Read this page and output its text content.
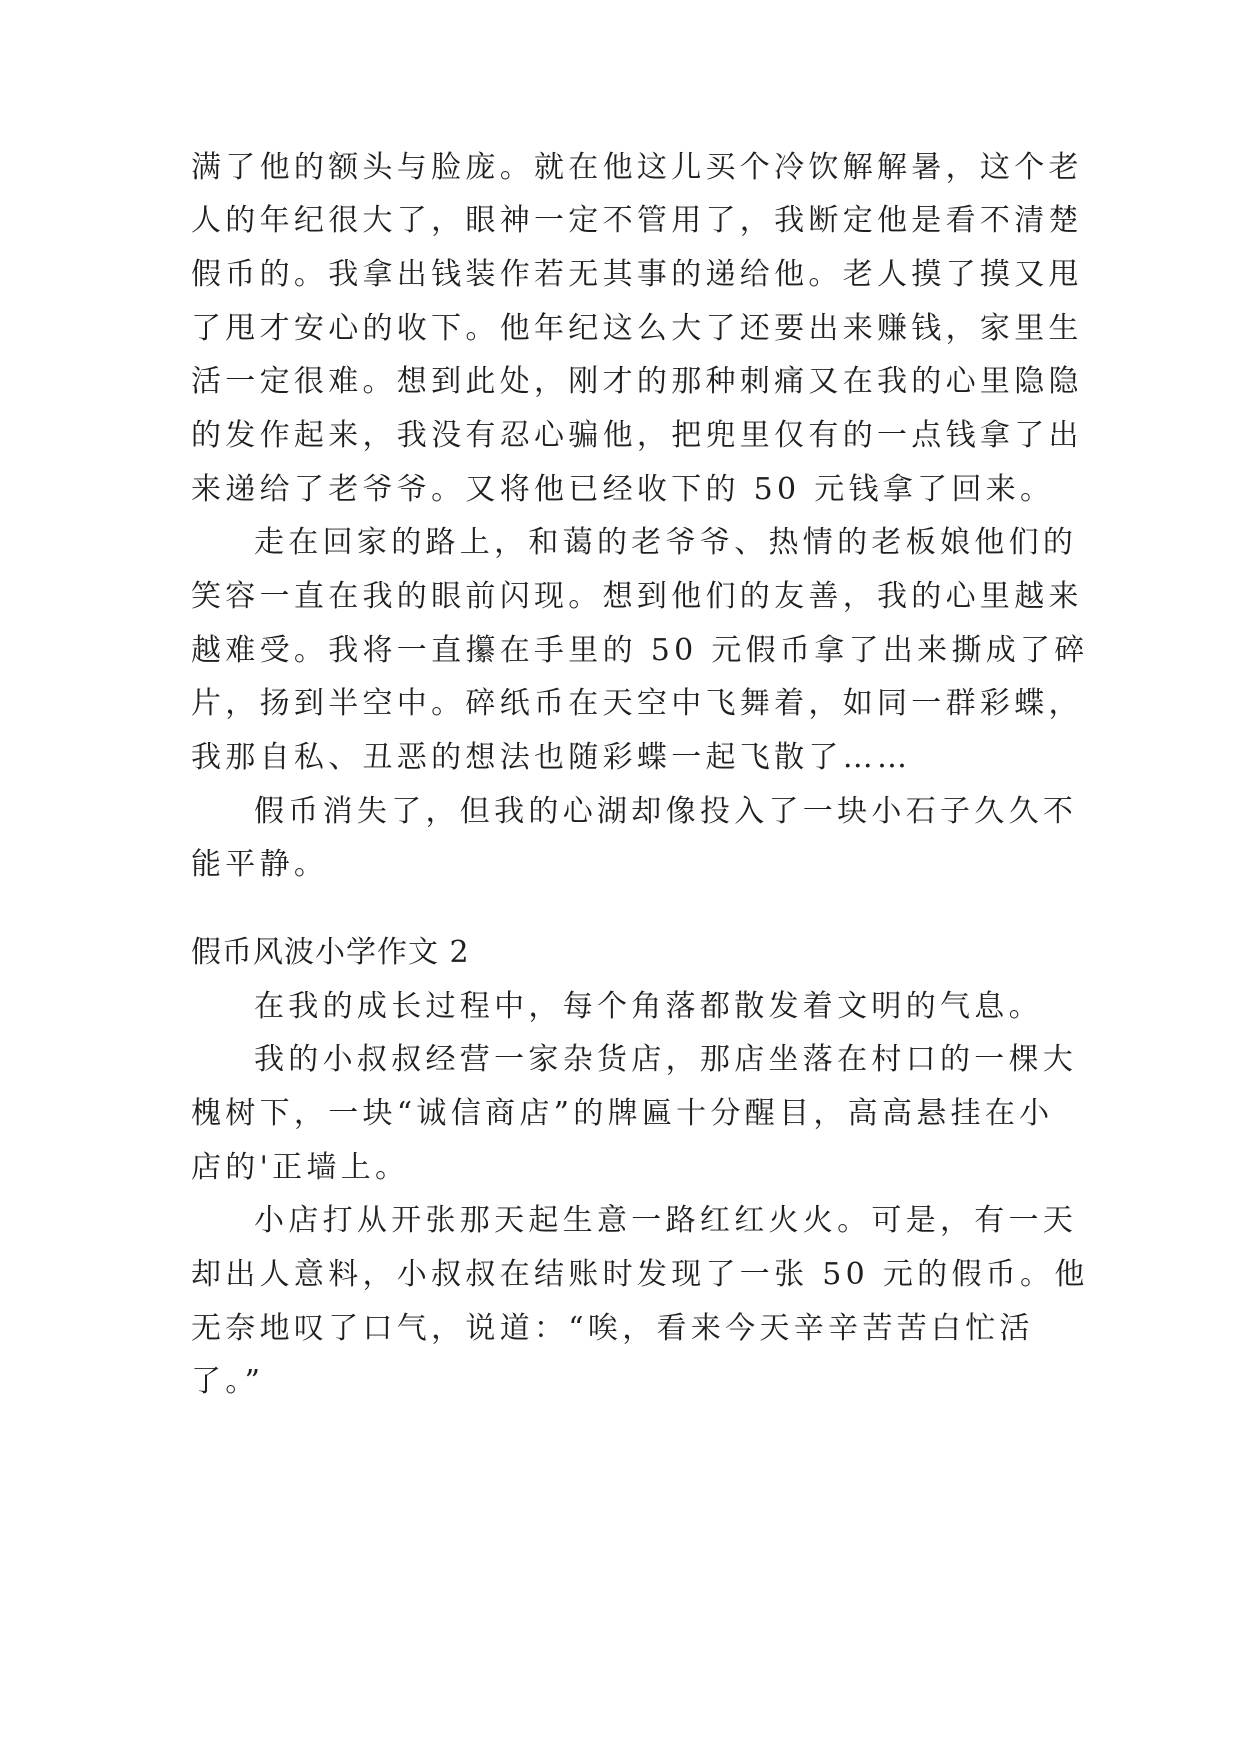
满了他的额头与脸庞。就在他这儿买个冷饮解解暑，这个老
人的年纪很大了，眼神一定不管用了，我断定他是看不清楚
假币的。我拿出钱装作若无其事的递给他。老人摸了摸又甩
了甩才安心的收下。他年纪这么大了还要出来赚钱，家里生
活一定很难。想到此处，刚才的那种刺痛又在我的心里隐隐
的发作起来，我没有忍心骗他，把兜里仅有的一点钱拿了出
来递给了老爷爷。又将他已经收下的 50 元钱拿了回来。
走在回家的路上，和蔼的老爷爷、热情的老板娘他们的
笑容一直在我的眼前闪现。想到他们的友善，我的心里越来
越难受。我将一直攥在手里的 50 元假币拿了出来撕成了碎
片，扬到半空中。碎纸币在天空中飞舞着，如同一群彩蝶，
我那自私、丑恶的想法也随彩蝶一起飞散了……
假币消失了，但我的心湖却像投入了一块小石子久久不
能平静。
假币风波小学作文 2
在我的成长过程中，每个角落都散发着文明的气息。
我的小叔叔经营一家杂货店，那店坐落在村口的一棵大
槐树下，一块“诚信商店”的牌匾十分醒目，高高悬挂在小
店的'正墙上。
小店打从开张那天起生意一路红红火火。可是，有一天
却出人意料，小叔叔在结账时发现了一张 50 元的假币。他
无奈地叹了口气，说道：“唉，看来今天辛辛苦苦白忙活
了。”
